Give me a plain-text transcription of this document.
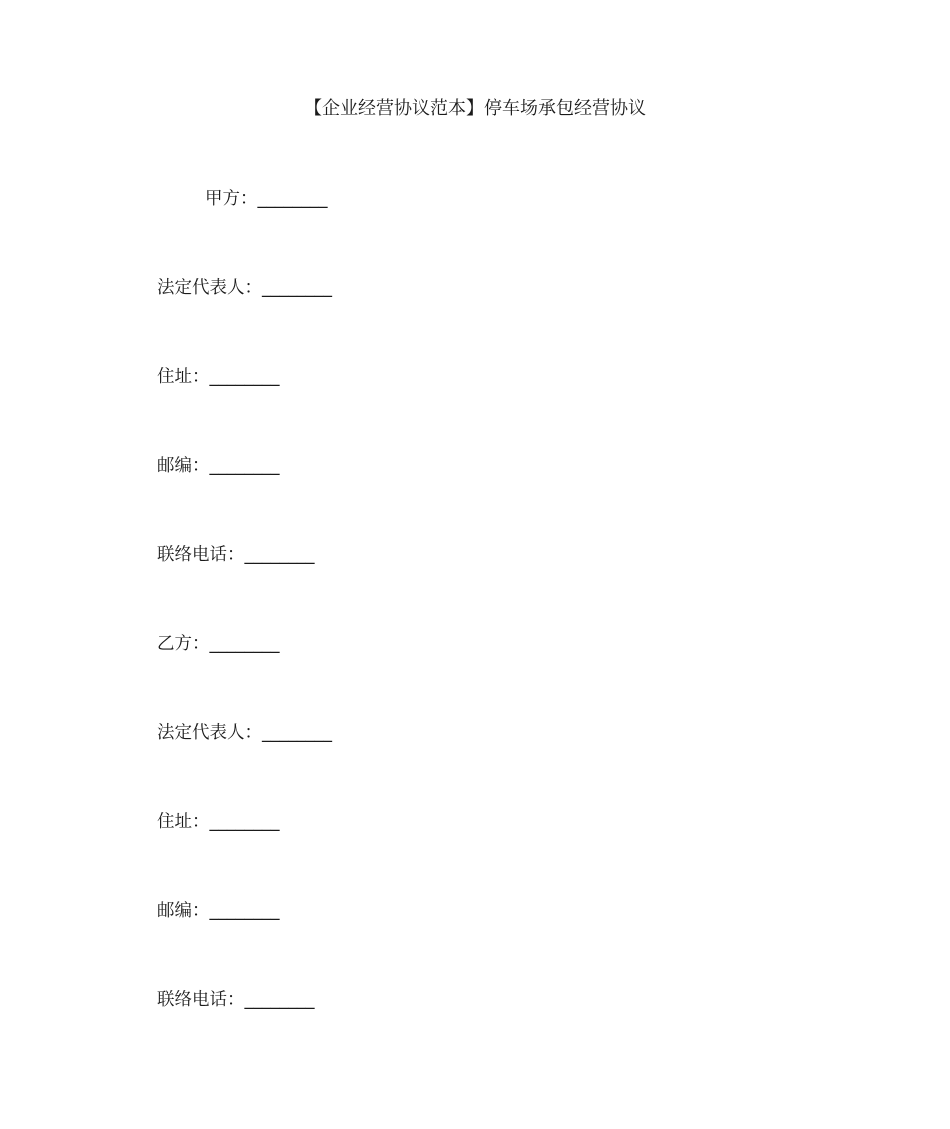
【企业经营协议范本】停车场承包经营协议
甲方：________
法定代表人：________
住址：________
邮编：________
联络电话：________
乙方：________
法定代表人：________
住址：________
邮编：________
联络电话：________
